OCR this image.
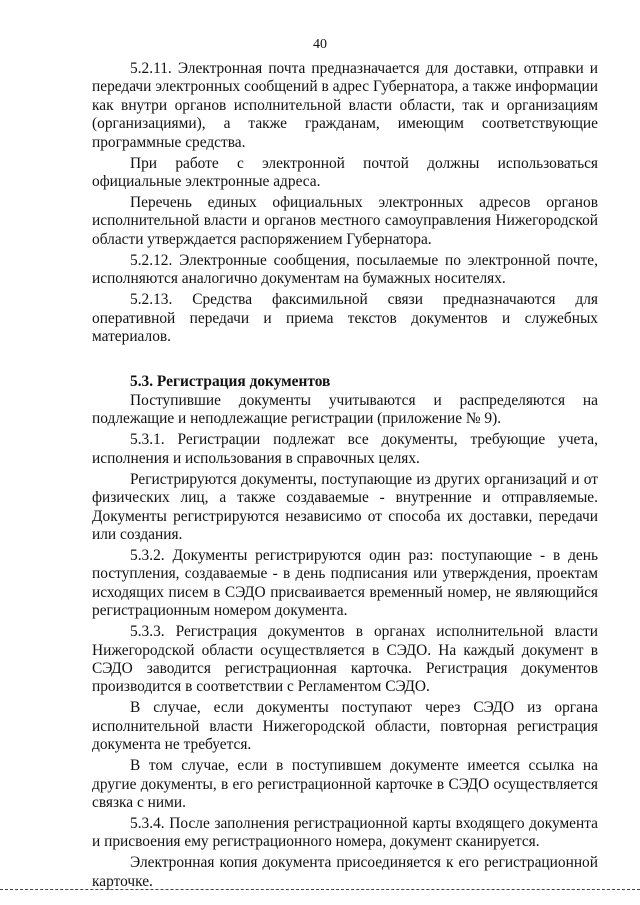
40

5.2.11. Электронная почта предназначается для доставки, отправки и передачи электронных сообщений в адрес Губернатора, а также информации как внутри органов исполнительной власти области, так и организациям (организациями), а также гражданам, имеющим соответствующие программные средства.

При работе с электронной почтой должны использоваться официальные электронные адреса.

Перечень единых официальных электронных адресов органов исполнительной власти и органов местного самоуправления Нижегородской области утверждается распоряжением Губернатора.

5.2.12. Электронные сообщения, посылаемые по электронной почте, исполняются аналогично документам на бумажных носителях.

5.2.13. Средства факсимильной связи предназначаются для оперативной передачи и приема текстов документов и служебных материалов.

5.3. Регистрация документов

Поступившие документы учитываются и распределяются на подлежащие и неподлежащие регистрации (приложение № 9).

5.3.1. Регистрации подлежат все документы, требующие учета, исполнения и использования в справочных целях.

Регистрируются документы, поступающие из других организаций и от физических лиц, а также создаваемые - внутренние и отправляемые. Документы регистрируются независимо от способа их доставки, передачи или создания.

5.3.2. Документы регистрируются один раз: поступающие - в день поступления, создаваемые - в день подписания или утверждения, проектам исходящих писем в СЭДО присваивается временный номер, не являющийся регистрационным номером документа.

5.3.3. Регистрация документов в органах исполнительной власти Нижегородской области осуществляется в СЭДО. На каждый документ в СЭДО заводится регистрационная карточка. Регистрация документов производится в соответствии с Регламентом СЭДО.

В случае, если документы поступают через СЭДО из органа исполнительной власти Нижегородской области, повторная регистрация документа не требуется.

В том случае, если в поступившем документе имеется ссылка на другие документы, в его регистрационной карточке в СЭДО осуществляется связка с ними.

5.3.4. После заполнения регистрационной карты входящего документа и присвоения ему регистрационного номера, документ сканируется.

Электронная копия документа присоединяется к его регистрационной карточке.
